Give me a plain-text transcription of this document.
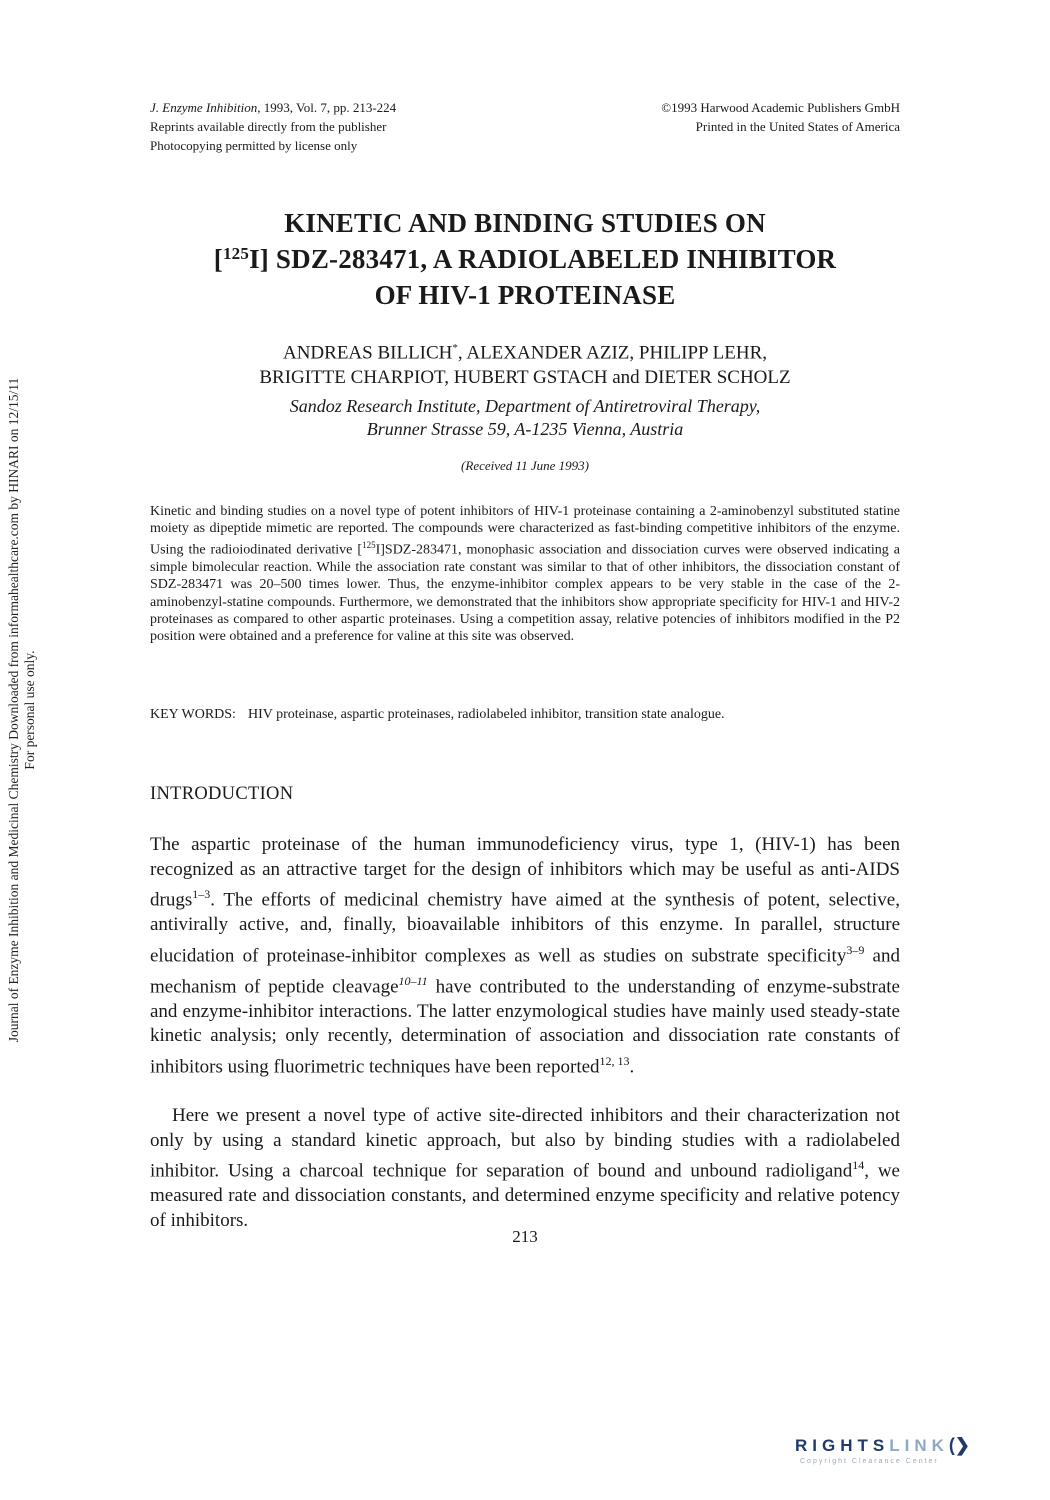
J. Enzyme Inhibition, 1993, Vol. 7, pp. 213-224
Reprints available directly from the publisher
Photocopying permitted by license only
©1993 Harwood Academic Publishers GmbH
Printed in the United States of America
KINETIC AND BINDING STUDIES ON
[$^{125}$I] SDZ-283471, A RADIOLABELED INHIBITOR
OF HIV-1 PROTEINASE
ANDREAS BILLICH*, ALEXANDER AZIZ, PHILIPP LEHR,
BRIGITTE CHARPIOT, HUBERT GSTACH and DIETER SCHOLZ
Sandoz Research Institute, Department of Antiretroviral Therapy,
Brunner Strasse 59, A-1235 Vienna, Austria
(Received 11 June 1993)

Kinetic and binding studies on a novel type of potent inhibitors of HIV-1 proteinase containing a 2-aminobenzyl substituted statine moiety as dipeptide mimetic are reported. The compounds were characterized as fast-binding competitive inhibitors of the enzyme. Using the radioiodinated derivative [$^{125}$I]SDZ-283471, monophasic association and dissociation curves were observed indicating a simple bimolecular reaction. While the association rate constant was similar to that of other inhibitors, the dissociation constant of SDZ-283471 was 20–500 times lower. Thus, the enzyme-inhibitor complex appears to be very stable in the case of the 2-aminobenzyl-statine compounds. Furthermore, we demonstrated that the inhibitors show appropriate specificity for HIV-1 and HIV-2 proteinases as compared to other aspartic proteinases. Using a competition assay, relative potencies of inhibitors modified in the P2 position were obtained and a preference for valine at this site was observed.

KEY WORDS: HIV proteinase, aspartic proteinases, radiolabeled inhibitor, transition state analogue.
INTRODUCTION

The aspartic proteinase of the human immunodeficiency virus, type 1, (HIV-1) has been recognized as an attractive target for the design of inhibitors which may be useful as anti-AIDS drugs$^{1-3}$. The efforts of medicinal chemistry have aimed at the synthesis of potent, selective, antivirally active, and, finally, bioavailable inhibitors of this enzyme. In parallel, structure elucidation of proteinase-inhibitor complexes as well as studies on substrate specificity$^{3-9}$ and mechanism of peptide cleavage$^{10-11}$ have contributed to the understanding of enzyme-substrate and enzyme-inhibitor interactions. The latter enzymological studies have mainly used steady-state kinetic analysis; only recently, determination of association and dissociation rate constants of inhibitors using fluorimetric techniques have been reported$^{12, 13}$.

Here we present a novel type of active site-directed inhibitors and their characterization not only by using a standard kinetic approach, but also by binding studies with a radiolabeled inhibitor. Using a charcoal technique for separation of bound and unbound radioligand$^{14}$, we measured rate and dissociation constants, and determined enzyme specificity and relative potency of inhibitors.

213
Journal of Enzyme Inhibition and Medicinal Chemistry Downloaded from informahealthcare.com by HINARI on 12/15/11 For personal use only.
RIGHTSLINK(❯
Copyright Clearance Center
